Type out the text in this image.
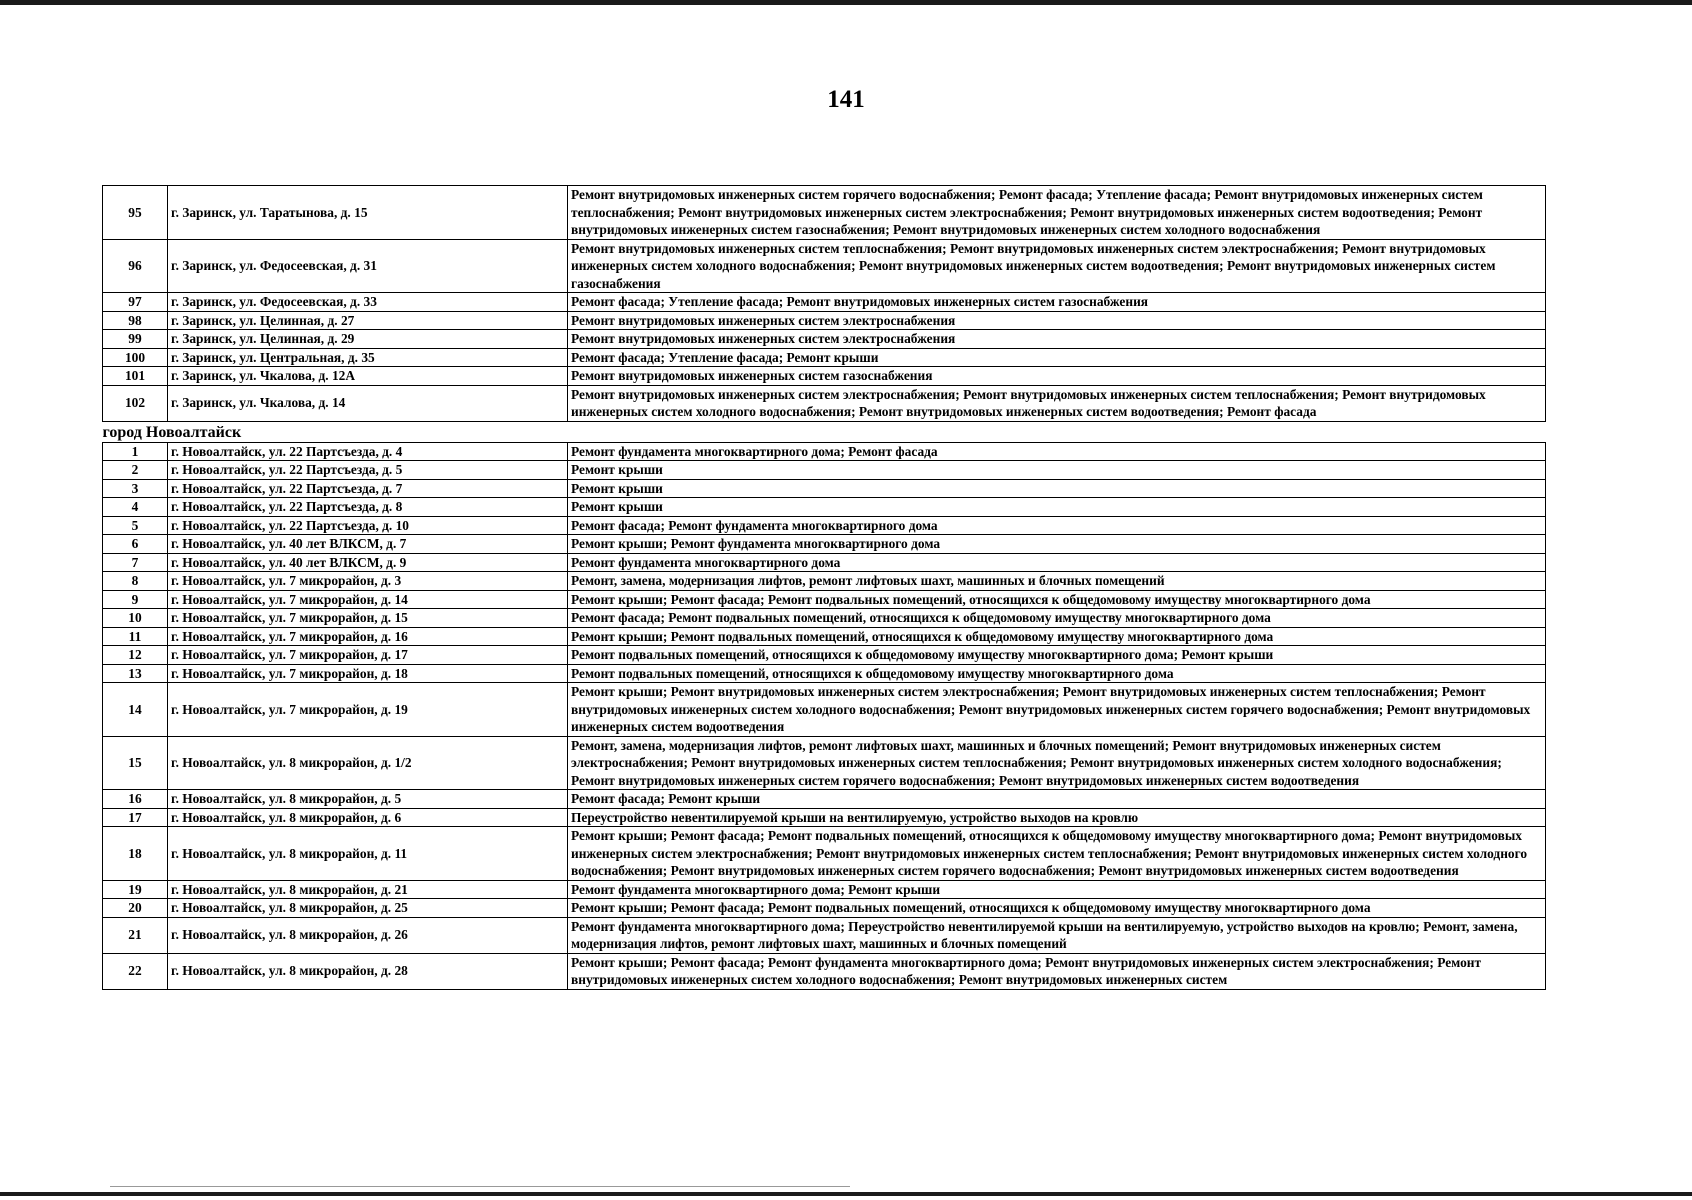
141
95	г. Заринск, ул. Таратынова, д. 15	Ремонт внутридомовых инженерных систем горячего водоснабжения; Ремонт фасада; Утепление фасада; Ремонт внутридомовых инженерных систем теплоснабжения; Ремонт внутридомовых инженерных систем электроснабжения; Ремонт внутридомовых инженерных систем водоотведения; Ремонт внутридомовых инженерных систем газоснабжения; Ремонт внутридомовых инженерных систем холодного водоснабжения
96	г. Заринск, ул. Федосеевская, д. 31	Ремонт внутридомовых инженерных систем теплоснабжения; Ремонт внутридомовых инженерных систем электроснабжения; Ремонт внутридомовых инженерных систем холодного водоснабжения; Ремонт внутридомовых инженерных систем водоотведения; Ремонт внутридомовых инженерных систем газоснабжения
97	г. Заринск, ул. Федосеевская, д. 33	Ремонт фасада; Утепление фасада; Ремонт внутридомовых инженерных систем газоснабжения
98	г. Заринск, ул. Целинная, д. 27	Ремонт внутридомовых инженерных систем электроснабжения
99	г. Заринск, ул. Целинная, д. 29	Ремонт внутридомовых инженерных систем электроснабжения
100	г. Заринск, ул. Центральная, д. 35	Ремонт фасада; Утепление фасада; Ремонт крыши
101	г. Заринск, ул. Чкалова, д. 12А	Ремонт внутридомовых инженерных систем газоснабжения
102	г. Заринск, ул. Чкалова, д. 14	Ремонт внутридомовых инженерных систем электроснабжения; Ремонт внутридомовых инженерных систем теплоснабжения; Ремонт внутридомовых инженерных систем холодного водоснабжения; Ремонт внутридомовых инженерных систем водоотведения; Ремонт фасада
город Новоалтайск		
1	г. Новоалтайск, ул. 22 Партсъезда, д. 4	Ремонт фундамента многоквартирного дома; Ремонт фасада
2	г. Новоалтайск, ул. 22 Партсъезда, д. 5	Ремонт крыши
3	г. Новоалтайск, ул. 22 Партсъезда, д. 7	Ремонт крыши
4	г. Новоалтайск, ул. 22 Партсъезда, д. 8	Ремонт крыши
5	г. Новоалтайск, ул. 22 Партсъезда, д. 10	Ремонт фасада; Ремонт фундамента многоквартирного дома
6	г. Новоалтайск, ул. 40 лет ВЛКСМ, д. 7	Ремонт крыши; Ремонт фундамента многоквартирного дома
7	г. Новоалтайск, ул. 40 лет ВЛКСМ, д. 9	Ремонт фундамента многоквартирного дома
8	г. Новоалтайск, ул. 7 микрорайон, д. 3	Ремонт, замена, модернизация лифтов, ремонт лифтовых шахт, машинных и блочных помещений
9	г. Новоалтайск, ул. 7 микрорайон, д. 14	Ремонт крыши; Ремонт фасада; Ремонт подвальных помещений, относящихся к общедомовому имуществу многоквартирного дома
10	г. Новоалтайск, ул. 7 микрорайон, д. 15	Ремонт фасада; Ремонт подвальных помещений, относящихся к общедомовому имуществу многоквартирного дома
11	г. Новоалтайск, ул. 7 микрорайон, д. 16	Ремонт крыши; Ремонт подвальных помещений, относящихся к общедомовому имуществу многоквартирного дома
12	г. Новоалтайск, ул. 7 микрорайон, д. 17	Ремонт подвальных помещений, относящихся к общедомовому имуществу многоквартирного дома; Ремонт крыши
13	г. Новоалтайск, ул. 7 микрорайон, д. 18	Ремонт подвальных помещений, относящихся к общедомовому имуществу многоквартирного дома
14	г. Новоалтайск, ул. 7 микрорайон, д. 19	Ремонт крыши; Ремонт внутридомовых инженерных систем электроснабжения; Ремонт внутридомовых инженерных систем теплоснабжения; Ремонт внутридомовых инженерных систем холодного водоснабжения; Ремонт внутридомовых инженерных систем горячего водоснабжения; Ремонт внутридомовых инженерных систем водоотведения
15	г. Новоалтайск, ул. 8 микрорайон, д. 1/2	Ремонт, замена, модернизация лифтов, ремонт лифтовых шахт, машинных и блочных помещений; Ремонт внутридомовых инженерных систем электроснабжения; Ремонт внутридомовых инженерных систем теплоснабжения; Ремонт внутридомовых инженерных систем холодного водоснабжения; Ремонт внутридомовых инженерных систем горячего водоснабжения; Ремонт внутридомовых инженерных систем водоотведения
16	г. Новоалтайск, ул. 8 микрорайон, д. 5	Ремонт фасада; Ремонт крыши
17	г. Новоалтайск, ул. 8 микрорайон, д. 6	Переустройство невентилируемой крыши на вентилируемую, устройство выходов на кровлю
18	г. Новоалтайск, ул. 8 микрорайон, д. 11	Ремонт крыши; Ремонт фасада; Ремонт подвальных помещений, относящихся к общедомовому имуществу многоквартирного дома; Ремонт внутридомовых инженерных систем электроснабжения; Ремонт внутридомовых инженерных систем теплоснабжения; Ремонт внутридомовых инженерных систем холодного водоснабжения; Ремонт внутридомовых инженерных систем горячего водоснабжения; Ремонт внутридомовых инженерных систем водоотведения
19	г. Новоалтайск, ул. 8 микрорайон, д. 21	Ремонт фундамента многоквартирного дома; Ремонт крыши
20	г. Новоалтайск, ул. 8 микрорайон, д. 25	Ремонт крыши; Ремонт фасада; Ремонт подвальных помещений, относящихся к общедомовому имуществу многоквартирного дома
21	г. Новоалтайск, ул. 8 микрорайон, д. 26	Ремонт фундамента многоквартирного дома; Переустройство невентилируемой крыши на вентилируемую, устройство выходов на кровлю; Ремонт, замена, модернизация лифтов, ремонт лифтовых шахт, машинных и блочных помещений
22	г. Новоалтайск, ул. 8 микрорайон, д. 28	Ремонт крыши; Ремонт фасада; Ремонт фундамента многоквартирного дома; Ремонт внутридомовых инженерных систем электроснабжения; Ремонт внутридомовых инженерных систем холодного водоснабжения; Ремонт внутридомовых инженерных систем
